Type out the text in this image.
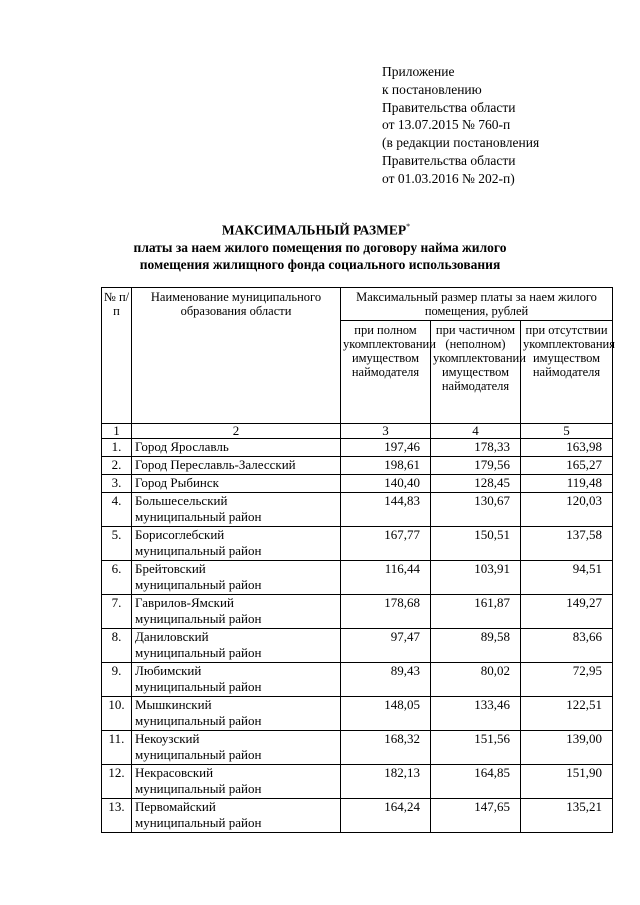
Приложение
к постановлению
Правительства области
от 13.07.2015 № 760-п
(в редакции постановления
Правительства области
от 01.03.2016 № 202-п)
МАКСИМАЛЬНЫЙ РАЗМЕР*
платы за наем жилого помещения по договору найма жилого
помещения жилищного фонда социального использования
№ п/п	Наименование муниципального образования области	Максимальный размер платы за наем жилого помещения, рублей		
		при полном укомплектовании имуществом наймодателя	при частичном (неполном) укомплектовании имуществом наймодателя	при отсутствии укомплектования имуществом наймодателя
1	2	3	4	5
1.	Город Ярославль	197,46	178,33	163,98
2.	Город Переславль-Залесский	198,61	179,56	165,27
3.	Город Рыбинск	140,40	128,45	119,48
4.	Большесельский
муниципальный район	144,83	130,67	120,03
5.	Борисоглебский
муниципальный район	167,77	150,51	137,58
6.	Брейтовский
муниципальный район	116,44	103,91	94,51
7.	Гаврилов-Ямский
муниципальный район	178,68	161,87	149,27
8.	Даниловский
муниципальный район	97,47	89,58	83,66
9.	Любимский
муниципальный район	89,43	80,02	72,95
10.	Мышкинский
муниципальный район	148,05	133,46	122,51
11.	Некоузский
муниципальный район	168,32	151,56	139,00
12.	Некрасовский
муниципальный район	182,13	164,85	151,90
13.	Первомайский
муниципальный район	164,24	147,65	135,21
